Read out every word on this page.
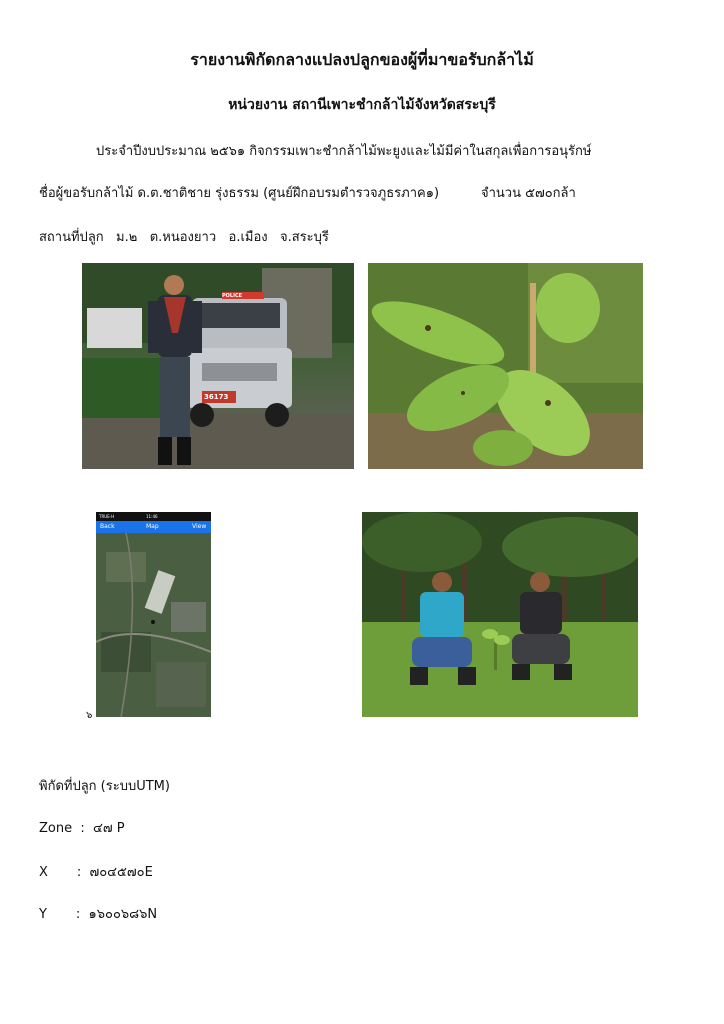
รายงานพิกัดกลางแปลงปลูกของผู้ที่มาขอรับกล้าไม้
หน่วยงาน สถานีเพาะชำกล้าไม้จังหวัดสระบุรี
ประจำปีงบประมาณ ๒๕๖๑ กิจกรรมเพาะชำกล้าไม้พะยูงและไม้มีค่าในสกุลเพื่อการอนุรักษ์
ชื่อผู้ขอรับกล้าไม้ ด.ต.ชาติชาย รุ่งธรรม (ศูนย์ฝึกอบรมตำรวจภูธรภาค๑)	จำนวน ๕๗๐กล้า
สถานที่ปลูก   ม.๒   ต.หนองยาว   อ.เมือง   จ.สระบุรี
POLICE
36173
TRUE-H	11:46
Back	Map	View
๖
พิกัดที่ปลูก (ระบบUTM)
Zone  :  ๔๗ P
X       :  ๗๐๔๕๗๐E
Y       :  ๑๖๐๐๖๘๖N
